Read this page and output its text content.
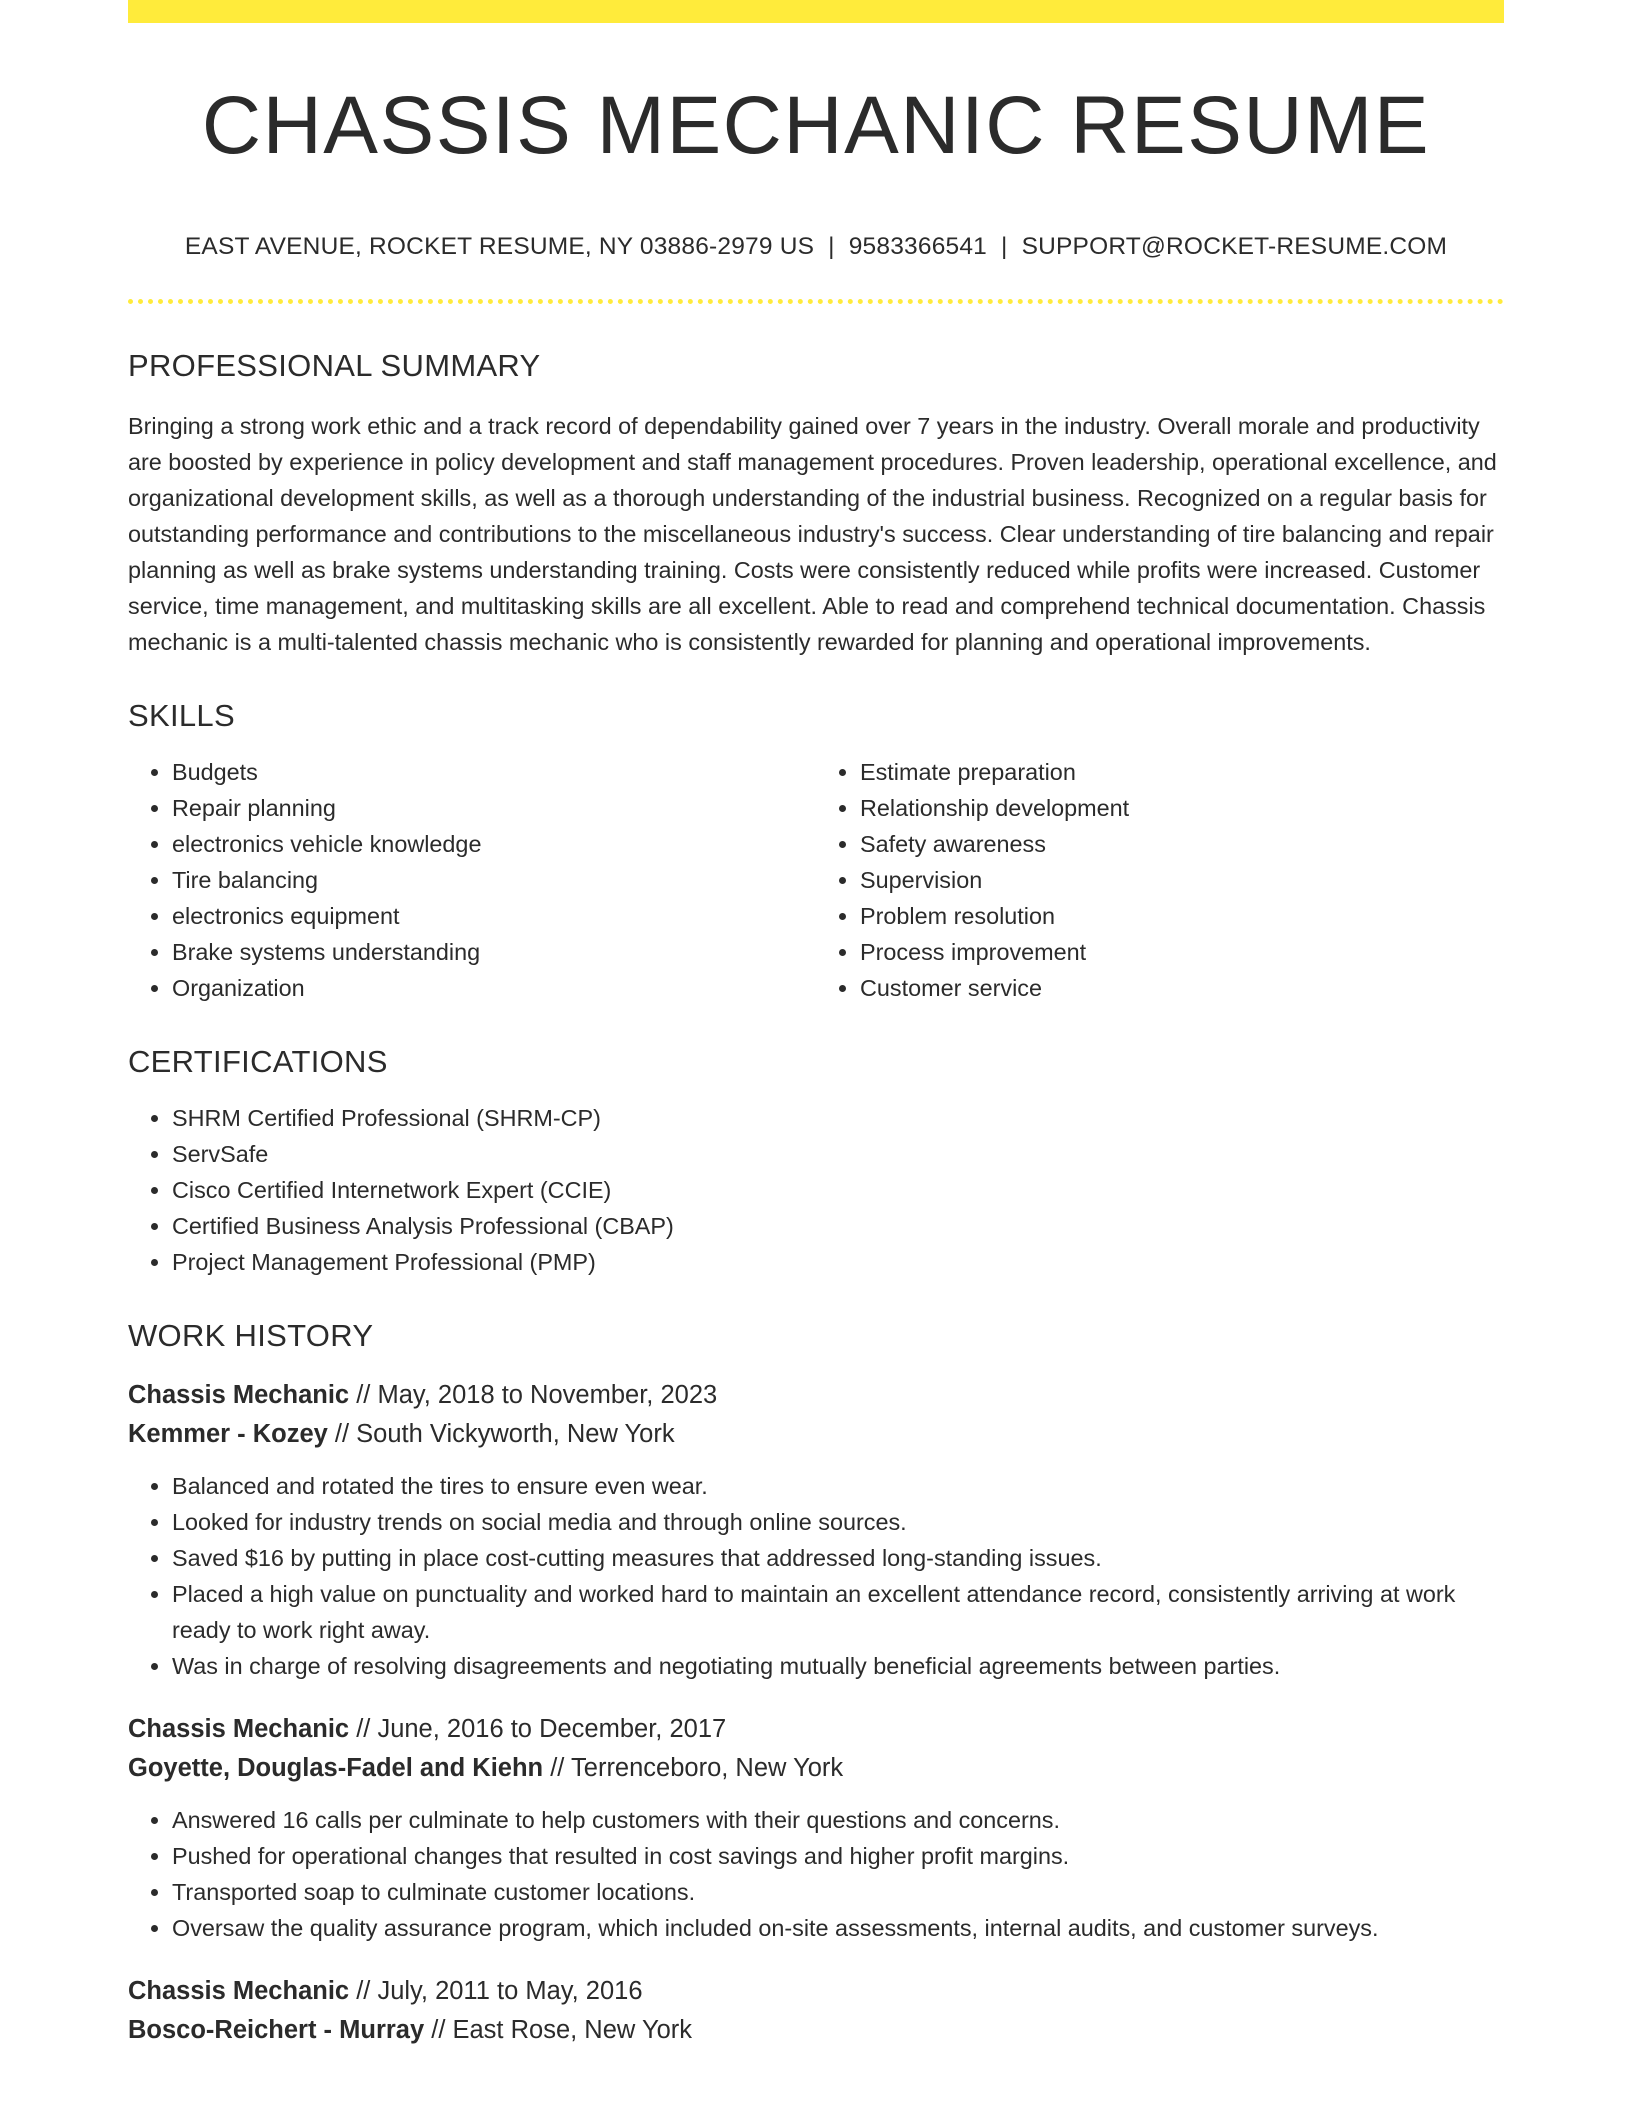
CHASSIS MECHANIC RESUME
EAST AVENUE, ROCKET RESUME, NY 03886-2979 US | 9583366541 | SUPPORT@ROCKET-RESUME.COM
PROFESSIONAL SUMMARY

Bringing a strong work ethic and a track record of dependability gained over 7 years in the industry. Overall morale and productivity are boosted by experience in policy development and staff management procedures. Proven leadership, operational excellence, and organizational development skills, as well as a thorough understanding of the industrial business. Recognized on a regular basis for outstanding performance and contributions to the miscellaneous industry's success. Clear understanding of tire balancing and repair planning as well as brake systems understanding training. Costs were consistently reduced while profits were increased. Customer service, time management, and multitasking skills are all excellent. Able to read and comprehend technical documentation. Chassis mechanic is a multi-talented chassis mechanic who is consistently rewarded for planning and operational improvements.

SKILLS
• Budgets
• Repair planning
• electronics vehicle knowledge
• Tire balancing
• electronics equipment
• Brake systems understanding
• Organization
• Estimate preparation
• Relationship development
• Safety awareness
• Supervision
• Problem resolution
• Process improvement
• Customer service
CERTIFICATIONS
• SHRM Certified Professional (SHRM-CP)
• ServSafe
• Cisco Certified Internetwork Expert (CCIE)
• Certified Business Analysis Professional (CBAP)
• Project Management Professional (PMP)
WORK HISTORY
Chassis Mechanic // May, 2018 to November, 2023
Kemmer - Kozey // South Vickyworth, New York
• Balanced and rotated the tires to ensure even wear.
• Looked for industry trends on social media and through online sources.
• Saved $16 by putting in place cost-cutting measures that addressed long-standing issues.
• Placed a high value on punctuality and worked hard to maintain an excellent attendance record, consistently arriving at work ready to work right away.
• Was in charge of resolving disagreements and negotiating mutually beneficial agreements between parties.
Chassis Mechanic // June, 2016 to December, 2017
Goyette, Douglas-Fadel and Kiehn // Terrenceboro, New York
• Answered 16 calls per culminate to help customers with their questions and concerns.
• Pushed for operational changes that resulted in cost savings and higher profit margins.
• Transported soap to culminate customer locations.
• Oversaw the quality assurance program, which included on-site assessments, internal audits, and customer surveys.
Chassis Mechanic // July, 2011 to May, 2016
Bosco-Reichert - Murray // East Rose, New York
